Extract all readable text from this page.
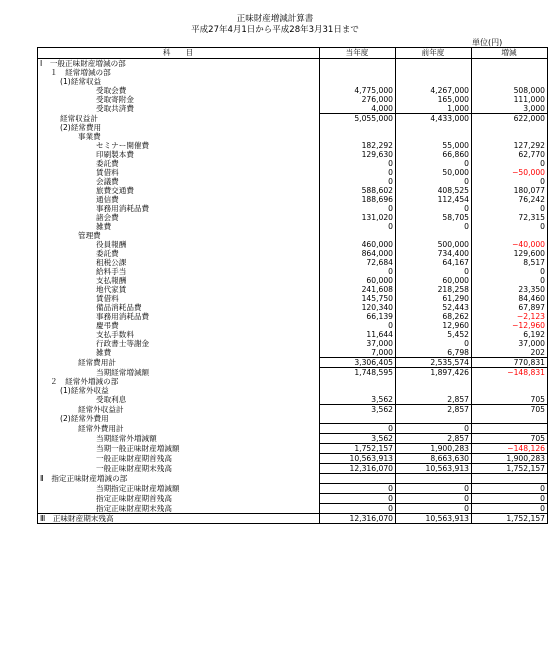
正味財産増減計算書
平成27年4月1日から平成28年3月31日まで
単位(円)
科　　目	当年度	前年度	増減
Ⅰ　一般正味財産増減の部			
１　経常増減の部			
(1)経常収益			
受取会費	4,775,000	4,267,000	508,000
受取寄附金	276,000	165,000	111,000
受取共済費	4,000	1,000	3,000
経常収益計	5,055,000	4,433,000	622,000
(2)経常費用			
事業費			
セミナー開催費	182,292	55,000	127,292
印刷製本費	129,630	66,860	62,770
委託費	0	0	0
賃借料	0	50,000	−50,000
会議費	0	0	0
旅費交通費	588,602	408,525	180,077
通信費	188,696	112,454	76,242
事務用消耗品費	0	0	0
諸会費	131,020	58,705	72,315
雑費	0	0	0
管理費			
役員報酬	460,000	500,000	−40,000
委託費	864,000	734,400	129,600
租税公課	72,684	64,167	8,517
給料手当	0	0	0
支払報酬	60,000	60,000	0
地代家賃	241,608	218,258	23,350
賃借料	145,750	61,290	84,460
備品消耗品費	120,340	52,443	67,897
事務用消耗品費	66,139	68,262	−2,123
慶弔費	0	12,960	−12,960
支払手数料	11,644	5,452	6,192
行政書士等謝金	37,000	0	37,000
雑費	7,000	6,798	202
経常費用計	3,306,405	2,535,574	770,831
当期経常増減額	1,748,595	1,897,426	−148,831
２　経常外増減の部			
(1)経常外収益			
受取利息	3,562	2,857	705
経常外収益計	3,562	2,857	705
(2)経常外費用			
経常外費用計	0	0	
当期経常外増減額	3,562	2,857	705
当期一般正味財産増減額	1,752,157	1,900,283	−148,126
一般正味財産期首残高	10,563,913	8,663,630	1,900,283
一般正味財産期末残高	12,316,070	10,563,913	1,752,157
Ⅱ　指定正味財産増減の部			
当期指定正味財産増減額	0	0	0
指定正味財産期首残高	0	0	0
指定正味財産期末残高	0	0	0
Ⅲ　正味財産期末残高	12,316,070	10,563,913	1,752,157
